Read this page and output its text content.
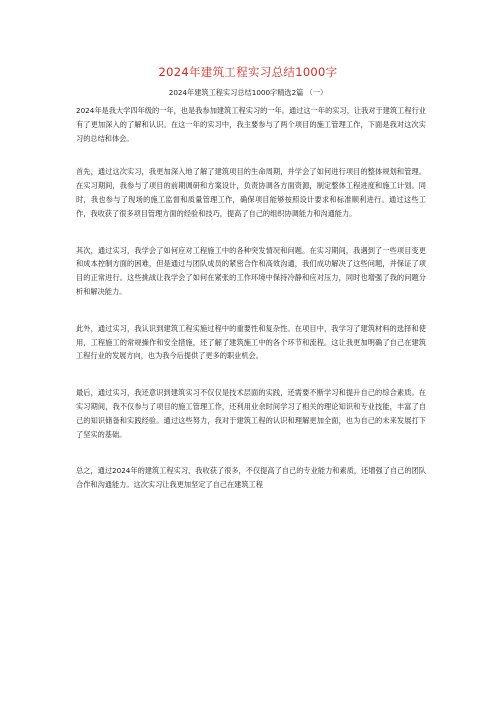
2024年建筑工程实习总结1000字
2024年建筑工程实习总结1000字精选2篇 （一）

2024年是我大学四年级的一年，也是我参加建筑工程实习的一年。通过这一年的实习，让我对于建筑工程行业有了更加深入的了解和认识。在这一年的实习中，我主要参与了两个项目的施工管理工作，下面是我对这次实习的总结和体会。

首先，通过这次实习，我更加深入地了解了建筑项目的生命周期，并学会了如何进行项目的整体规划和管理。在实习期间，我参与了项目的前期调研和方案设计，负责协调各方面资源，制定整体工程进度和施工计划。同时，我也参与了现场的施工监督和质量管理工作，确保项目能够按照设计要求和标准顺利进行。通过这些工作，我收获了很多项目管理方面的经验和技巧，提高了自己的组织协调能力和沟通能力。

其次，通过实习，我学会了如何应对工程施工中的各种突发情况和问题。在实习期间，我遇到了一些项目变更和成本控制方面的困难，但是通过与团队成员的紧密合作和高效沟通，我们成功解决了这些问题，并保证了项目的正常进行。这些挑战让我学会了如何在紧张的工作环境中保持冷静和应对压力，同时也增强了我的问题分析和解决能力。

此外，通过实习，我认识到建筑工程实施过程中的重要性和复杂性。在项目中，我学习了建筑材料的选择和使用，工程施工的常规操作和安全措施，还了解了建筑施工中的各个环节和流程。这让我更加明确了自己在建筑工程行业的发展方向，也为我今后提供了更多的职业机会。

最后，通过实习，我还意识到建筑实习不仅仅是技术层面的实践，还需要不断学习和提升自己的综合素质。在实习期间，我不仅参与了项目的施工管理工作，还利用业余时间学习了相关的理论知识和专业技能，丰富了自己的知识储备和实践经验。通过这些努力，我对于建筑工程的认识和理解更加全面，也为自己的未来发展打下了坚实的基础。

总之，通过2024年的建筑工程实习，我收获了很多，不仅提高了自己的专业能力和素质，还增强了自己的团队合作和沟通能力。这次实习让我更加坚定了自己在建筑工程
